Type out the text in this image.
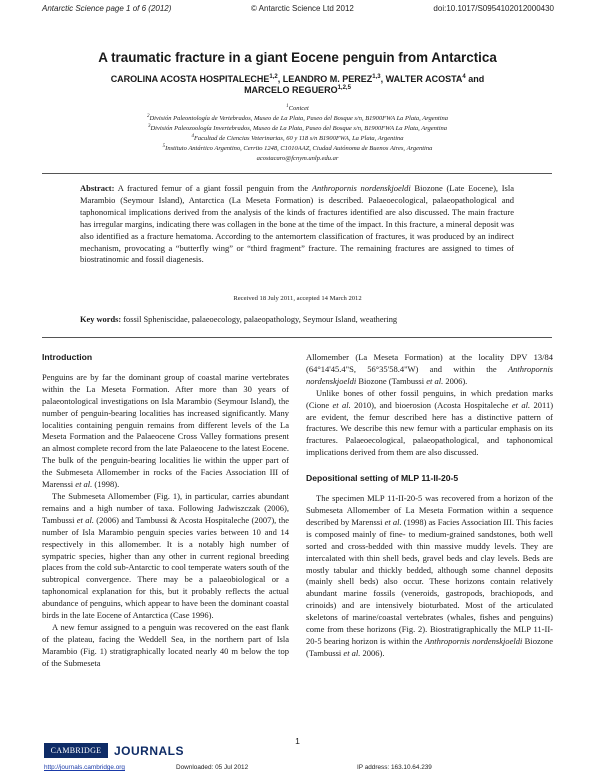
Antarctic Science page 1 of 6 (2012)	© Antarctic Science Ltd 2012	doi:10.1017/S0954102012000430
A traumatic fracture in a giant Eocene penguin from Antarctica
CAROLINA ACOSTA HOSPITALECHE$^{1,2}$, LEANDRO M. PEREZ$^{1,3}$, WALTER ACOSTA$^4$ and MARCELO REGUERO$^{1,2,5}$
$^1$Conicet
$^2$División Paleontología de Vertebrados, Museo de La Plata, Paseo del Bosque s/n, B1900FWA La Plata, Argentina
$^3$División Paleozoología Invertebrados, Museo de La Plata, Paseo del Bosque s/n, B1900FWA La Plata, Argentina
$^4$Facultad de Ciencias Veterinarias, 60 y 118 s/n B1900FWA, La Plata, Argentina
$^5$Instituto Antártico Argentino, Cerrito 1248, C1010AAZ, Ciudad Autónoma de Buenos Aires, Argentina
acostacaro@fcnym.unlp.edu.ar
Abstract: A fractured femur of a giant fossil penguin from the Anthropornis nordenskjoeldi Biozone (Late Eocene), Isla Marambio (Seymour Island), Antarctica (La Meseta Formation) is described. Palaeoecological, palaeopathological and taphonomical implications derived from the analysis of the kinds of fractures identified are also discussed. The main fracture has irregular margins, indicating there was collagen in the bone at the time of the impact. In this fracture, a mineral deposit was also identified as a fracture hematoma. According to the antemortem classification of fractures, it was produced by an indirect mechanism, provocating a “butterfly wing” or “third fragment” fracture. The remaining fractures are assigned to times of biostratinomic and fossil diagenesis.
Received 18 July 2011, accepted 14 March 2012
Key words: fossil Spheniscidae, palaeoecology, palaeopathology, Seymour Island, weathering
Introduction

Penguins are by far the dominant group of coastal marine vertebrates within the La Meseta Formation. After more than 30 years of palaeontological investigations on Isla Marambio (Seymour Island), the number of penguin-bearing localities has increased significantly. Many localities containing penguin remains from different levels of the La Meseta Formation and the Palaeocene Cross Valley formations present an almost complete record from the late Palaeocene to the latest Eocene. The bulk of the penguin-bearing localities lie within the upper part of the Submeseta Allomember in rocks of the Facies Association III of Marenssi et al. (1998).

The Submeseta Allomember (Fig. 1), in particular, carries abundant remains and a high number of taxa. Following Jadwiszczak (2006), Tambussi et al. (2006) and Tambussi & Acosta Hospitaleche (2007), the number of Isla Marambio penguin species varies between 10 and 14 respectively in this allomember. It is a notably high number of sympatric species, higher than any other in current regional breeding places from the cold sub-Antarctic to cool temperate waters south of the subtropical convergence. There may be a palaeobiological or a taphonomical explanation for this, but it probably reflects the actual abundance of penguins, which appear to have been the dominant coastal birds in the late Eocene of Antarctica (Case 1996).

A new femur assigned to a penguin was recovered on the east flank of the plateau, facing the Weddell Sea, in the northern part of Isla Marambio (Fig. 1) stratigraphically located nearly 40 m below the top of the Submeseta

Allomember (La Meseta Formation) at the locality DPV 13/84 (64°14'45.4"S, 56°35'58.4"W) and within the Anthropornis nordenskjoeldi Biozone (Tambussi et al. 2006).

Unlike bones of other fossil penguins, in which predation marks (Cione et al. 2010), and bioerosion (Acosta Hospitaleche et al. 2011) are evident, the femur described here has a distinctive pattern of fractures. We describe this new femur with a particular emphasis on its fractures. Palaeoecological, palaeopathological, and taphonomical implications derived from them are also discussed.

Depositional setting of MLP 11-II-20-5

The specimen MLP 11-II-20-5 was recovered from a horizon of the Submeseta Allomember of La Meseta Formation within a sequence described by Marenssi et al. (1998) as Facies Association III. This facies is composed mainly of fine- to medium-grained sandstones, both well sorted and cross-bedded with thin massive muddy levels. They are intercalated with thin shell beds, gravel beds and clay levels. Beds are mostly tabular and thickly bedded, although some channel deposits (mainly shell beds) also occur. These horizons contain relatively abundant marine fossils (veneroids, gastropods, brachiopods, and crinoids) and are intensively bioturbated. Most of the articulated skeletons of marine/coastal vertebrates (whales, fishes and penguins) come from these horizons (Fig. 2). Biostratigraphically the MLP 11-II-20-5 bearing horizon is within the Anthropornis nordenskjoeldi Biozone (Tambussi et al. 2006).

1
CAMBRIDGE	JOURNALS
http://journals.cambridge.org	Downloaded: 05 Jul 2012	IP address: 163.10.64.239
